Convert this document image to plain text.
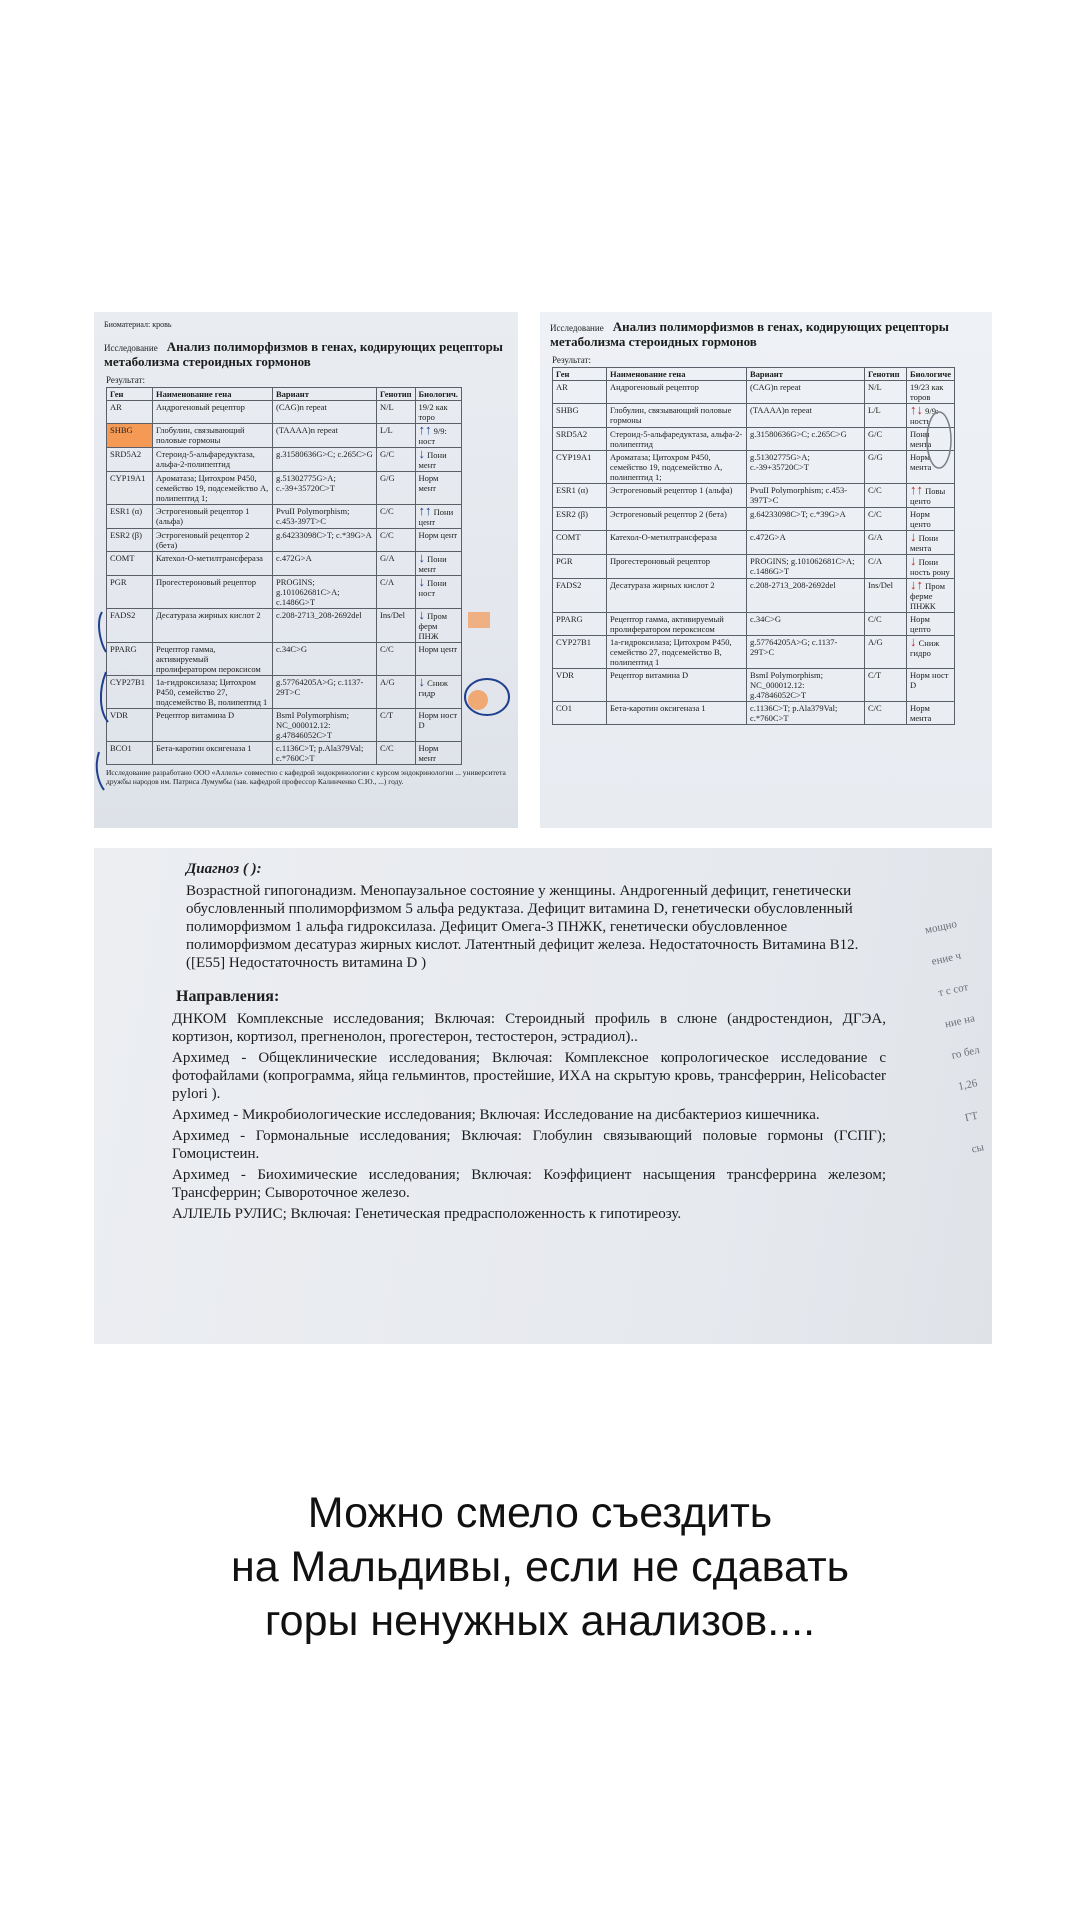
Биоматериал: кровь
Исследование Анализ полиморфизмов в генах, кодирующих рецепторы метаболизма стероидных гормонов
Результат:
Ген	Наименование гена	Вариант	Генотип	Биологич.
AR	Андрогеновый рецептор	(CAG)n repeat	N/L	19/2 как торо
SHBG	Глобулин, связывающий половые гормоны	(TAAAA)n repeat	L/L	↑↑ 9/9: ност
SRD5A2	Стероид-5-альфаредуктаза, альфа-2-полипептид	g.31580636G>C; c.265C>G	G/C	↓ Пони мент
CYP19A1	Ароматаза; Цитохром P450, семейство 19, подсемейство A, полипептид 1;	g.51302775G>A; c.-39+35720C>T	G/G	Норм мент
ESR1 (α)	Эстрогеновый рецептор 1 (альфа)	PvuII Polymorphism; c.453-397T>C	C/C	↑↑ Пони цент
ESR2 (β)	Эстрогеновый рецептор 2 (бета)	g.64233098C>T; c.*39G>A	C/C	Норм цент
COMT	Катехол-О-метилтрансфераза	c.472G>A	G/A	↓ Пони мент
PGR	Прогестероновый рецептор	PROGINS; g.101062681C>A; c.1486G>T	C/A	↓ Пони ност
FADS2	Десатураза жирных кислот 2	c.208-2713_208-2692del	Ins/Del	↓ Пром ферм ПНЖ
PPARG	Рецептор гамма, активируемый пролифератором пероксисом	c.34C>G	C/C	Норм цент
CYP27B1	1а-гидроксилаза; Цитохром P450, семейство 27, подсемейство В, полипептид 1	g.57764205A>G; c.1137-29T>C	A/G	↓ Сниж гидр
VDR	Рецептор витамина D	BsmI Polymorphism; NC_000012.12: g.47846052C>T	C/T	Норм ност D
BCO1	Бета-каротин оксигеназа 1	c.1136C>T; p.Ala379Val; c.*760C>T	C/C	Норм мент
Исследование разработано ООО «Аллель» совместно с кафедрой эндокринологии с курсом эндокринологии ... университета дружбы народов им. Патриса Лумумбы (зав. кафедрой профессор Калинченко С.Ю., ...) году.
Исследование Анализ полиморфизмов в генах, кодирующих рецепторы метаболизма стероидных гормонов
Результат:
Ген	Наименование гена	Вариант	Генотип	Биологиче
AR	Андрогеновый рецептор	(CAG)n repeat	N/L	19/23 как торов
SHBG	Глобулин, связывающий половые гормоны	(TAAAA)n repeat	L/L	↑↓ 9/9: ность
SRD5A2	Стероид-5-альфаредуктаза, альфа-2-полипептид	g.31580636G>C; c.265C>G	G/C	Пони мента
CYP19A1	Ароматаза; Цитохром P450, семейство 19, подсемейство A, полипептид 1;	g.51302775G>A; c.-39+35720C>T	G/G	Норм мента
ESR1 (α)	Эстрогеновый рецептор 1 (альфа)	PvuII Polymorphism; c.453-397T>C	C/C	↑↑ Повы центо
ESR2 (β)	Эстрогеновый рецептор 2 (бета)	g.64233098C>T; c.*39G>A	C/C	Норм центо
COMT	Катехол-О-метилтрансфераза	c.472G>A	G/A	↓ Пони мента
PGR	Прогестероновый рецептор	PROGINS; g.101062681C>A; c.1486G>T	C/A	↓ Пони ность рону
FADS2	Десатураза жирных кислот 2	c.208-2713_208-2692del	Ins/Del	↓↑ Пром ферме ПНЖК
PPARG	Рецептор гамма, активируемый пролифератором пероксисом	c.34C>G	C/C	Норм цепто
CYP27B1	1а-гидроксилаза; Цитохром P450, семейство 27, подсемейство В, полипептид 1	g.57764205A>G; c.1137-29T>C	A/G	↓ Сниж гидро
VDR	Рецептор витамина D	BsmI Polymorphism; NC_000012.12: g.47846052C>T	C/T	Норм ност D
CO1	Бета-каротин оксигеназа 1	c.1136C>T; p.Ala379Val; c.*760C>T	C/C	Норм мента
Диагноз ( ):
Возрастной гипогонадизм. Менопаузальное состояние у женщины. Андрогенный дефицит, генетически обусловленный пполиморфизмом 5 альфа редуктаза. Дефицит витамина D, генетически обусловленный полиморфизмом 1 альфа гидроксилаза. Дефицит Омега-3 ПНЖК, генетически обусловленное полиморфизмом десатураз жирных кислот. Латентный дефицит железа. Недостаточность Витамина B12. ([E55] Недостаточность витамина D )
Направления:
ДНКОМ Комплексные исследования; Включая: Стероидный профиль в слюне (андростендион, ДГЭА, кортизон, кортизол, прегненолон, прогестерон, тестостерон, эстрадиол)..
Архимед - Общеклинические исследования; Включая: Комплексное копрологическое исследование с фотофайлами (копрограмма, яйца гельминтов, простейшие, ИХА на скрытую кровь, трансферрин, Helicobacter pylori ).
Архимед - Микробиологические исследования; Включая: Исследование на дисбактериоз кишечника.
Архимед - Гормональные исследования; Включая: Глобулин связывающий половые гормоны (ГСПГ); Гомоцистеин.
Архимед - Биохимические исследования; Включая: Коэффициент насыщения трансферрина железом; Трансферрин; Сывороточное железо.
АЛЛЕЛЬ РУЛИС; Включая: Генетическая предрасположенность к гипотиреозу.
мощно
ение ч
т с сот
ние на
го бел
1,26
ГТ
сы
Можно смело съездить
на Мальдивы, если не сдавать
горы ненужных анализов....
